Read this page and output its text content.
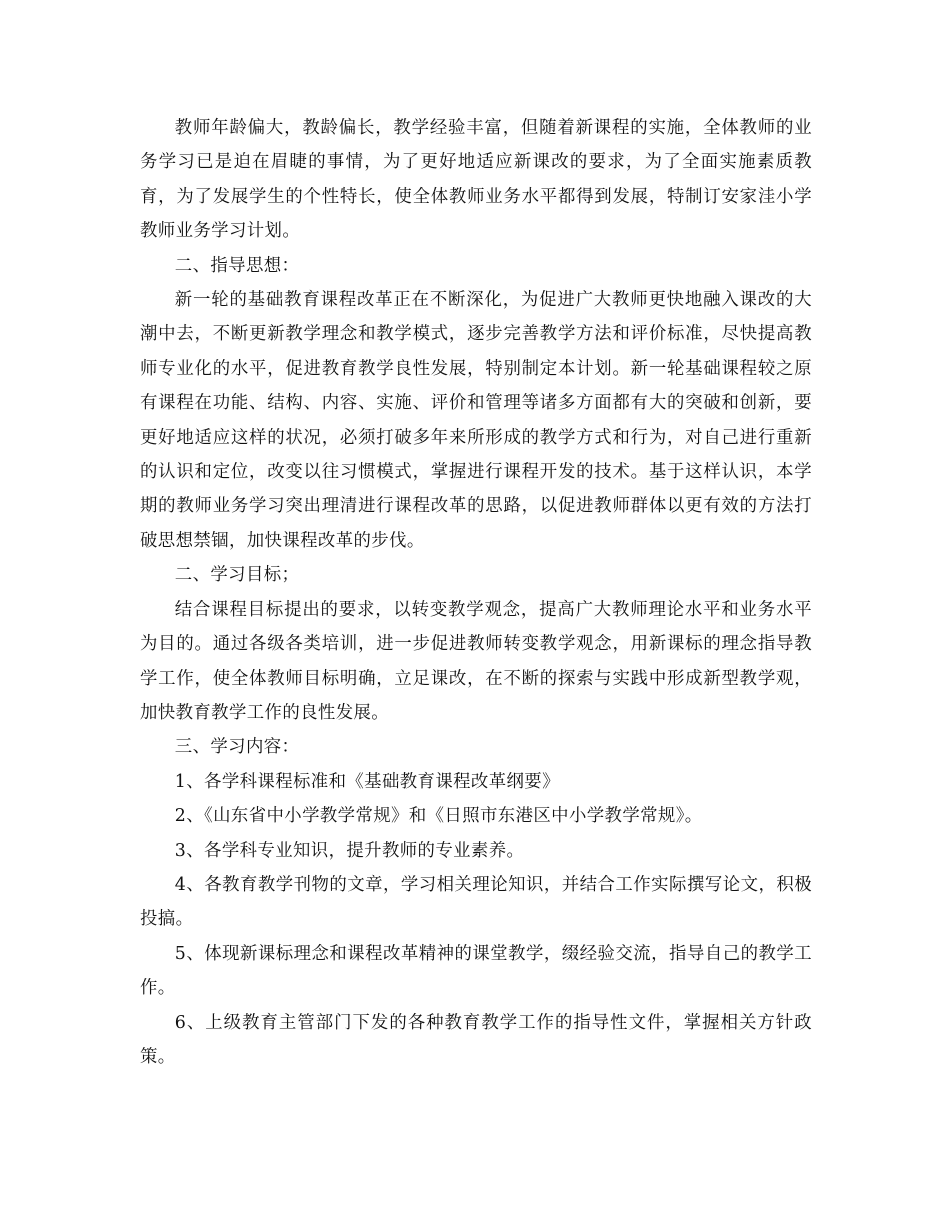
教师年龄偏大，教龄偏长，教学经验丰富，但随着新课程的实施，全体教师的业务学习已是迫在眉睫的事情，为了更好地适应新课改的要求，为了全面实施素质教育，为了发展学生的个性特长，使全体教师业务水平都得到发展，特制订安家洼小学教师业务学习计划。

二、指导思想：

新一轮的基础教育课程改革正在不断深化，为促进广大教师更快地融入课改的大潮中去，不断更新教学理念和教学模式，逐步完善教学方法和评价标准，尽快提高教师专业化的水平，促进教育教学良性发展，特别制定本计划。新一轮基础课程较之原有课程在功能、结构、内容、实施、评价和管理等诸多方面都有大的突破和创新，要更好地适应这样的状况，必须打破多年来所形成的教学方式和行为，对自己进行重新的认识和定位，改变以往习惯模式，掌握进行课程开发的技术。基于这样认识，本学期的教师业务学习突出理清进行课程改革的思路，以促进教师群体以更有效的方法打破思想禁锢，加快课程改革的步伐。

二、学习目标；

结合课程目标提出的要求，以转变教学观念，提高广大教师理论水平和业务水平为目的。通过各级各类培训，进一步促进教师转变教学观念，用新课标的理念指导教学工作，使全体教师目标明确，立足课改，在不断的探索与实践中形成新型教学观，加快教育教学工作的良性发展。

三、学习内容：

1、各学科课程标准和《基础教育课程改革纲要》

2、《山东省中小学教学常规》和《日照市东港区中小学教学常规》。

3、各学科专业知识，提升教师的专业素养。

4、各教育教学刊物的文章，学习相关理论知识，并结合工作实际撰写论文，积极投搞。

5、体现新课标理念和课程改革精神的课堂教学，缀经验交流，指导自己的教学工作。

6、上级教育主管部门下发的各种教育教学工作的指导性文件，掌握相关方针政策。
